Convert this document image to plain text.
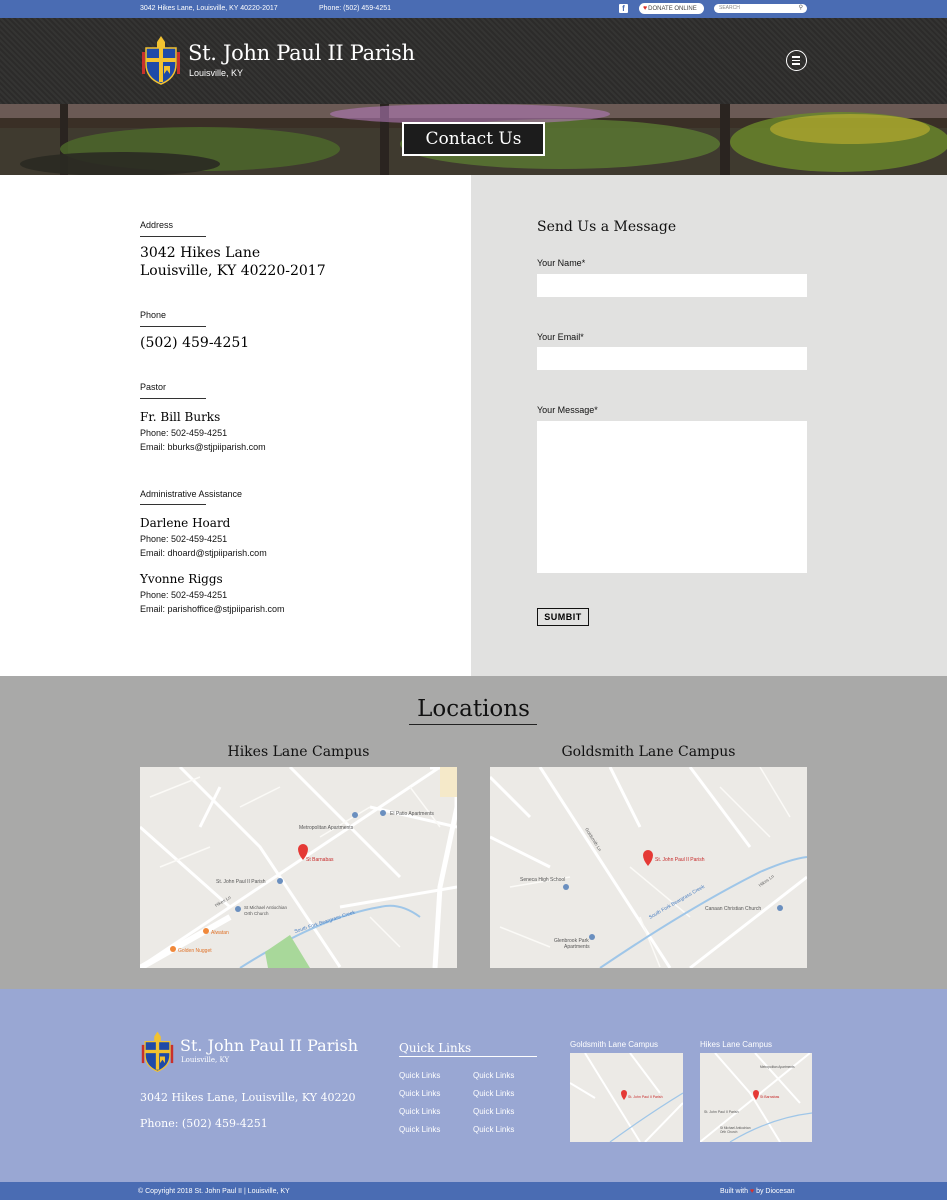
3042 Hikes Lane, Louisville, KY 40220-2017	Phone: (502) 459-4251	f	♥DONATE ONLINE	SEARCH	⚲
St. John Paul II Parish
Louisville, KY
Contact Us
Address
3042 Hikes Lane
Louisville, KY 40220-2017
Phone
(502) 459-4251
Pastor
Fr. Bill Burks
Phone: 502-459-4251
Email: bburks@stjpiiparish.com
Administrative Assistance
Darlene Hoard
Phone: 502-459-4251
Email: dhoard@stjpiiparish.com
Yvonne Riggs
Phone: 502-459-4251
Email: parishoffice@stjpiiparish.com
Send Us a Message
Your Name*
Your Email*
Your Message*
SUMBIT
Locations
Hikes Lane Campus	Goldsmith Lane Campus
St Barnabas
St. John Paul II Parish
Metropolitan Apartments
El Patio Apartments
St Michael Antiochian
Orth Church	South Fork Beargrass Creek
Alwatan
Golden Nugget
Hikes Ln
St. John Paul II Parish
Seneca High School
Canaan Christian Church
Glenbrook Park
Apartments
South Fork Beargrass Creek
Goldsmith Ln
Hikes Ln
St. John Paul II Parish
Louisville, KY
3042 Hikes Lane, Louisville, KY 40220
Phone: (502) 459-4251
Quick Links
Quick Links	Quick Links
Quick Links	Quick Links
Quick Links	Quick Links
Quick Links	Quick Links
Goldsmith Lane Campus
St. John Paul II Parish
Hikes Lane Campus
St Barnabas
St. John Paul II Parish
St Michael Antiochian
Orth Church
Metropolitan Apartments
© Copyright 2018 St. John Paul II | Louisville, KY	Built with ♥ by Diocesan
